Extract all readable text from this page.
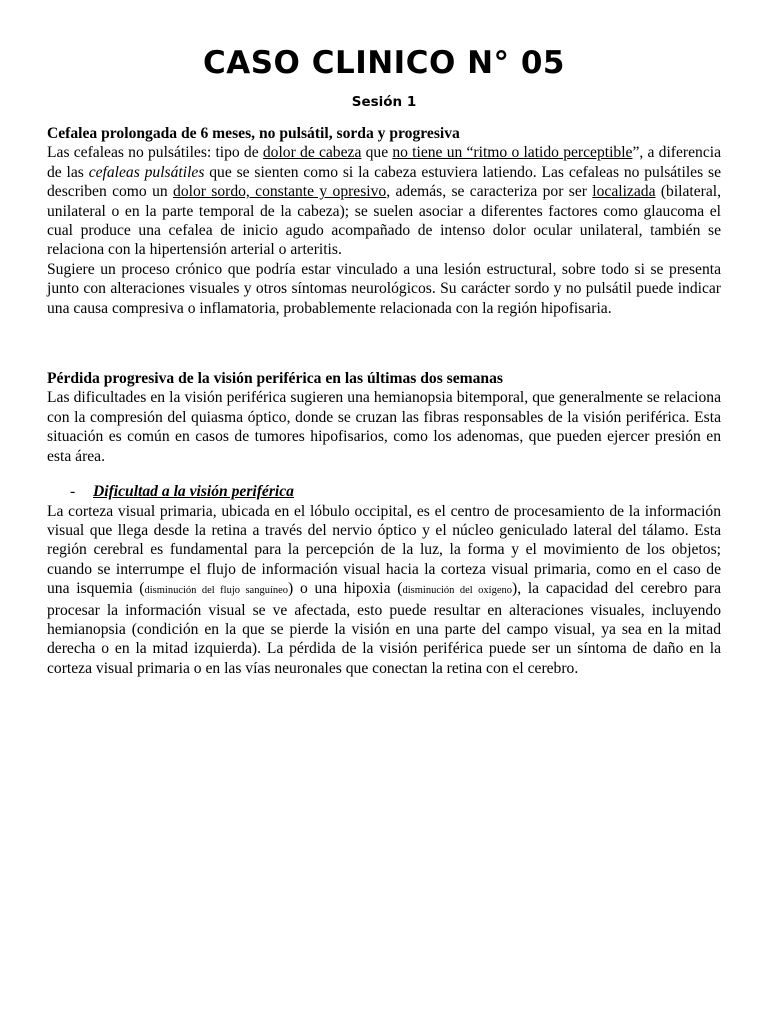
CASO CLINICO N° 05
Sesión 1
Cefalea prolongada de 6 meses, no pulsátil, sorda y progresiva

Las cefaleas no pulsátiles: tipo de dolor de cabeza que no tiene un “ritmo o latido perceptible”, a diferencia de las cefaleas pulsátiles que se sienten como si la cabeza estuviera latiendo. Las cefaleas no pulsátiles se describen como un dolor sordo, constante y opresivo, además, se caracteriza por ser localizada (bilateral, unilateral o en la parte temporal de la cabeza); se suelen asociar a diferentes factores como glaucoma el cual produce una cefalea de inicio agudo acompañado de intenso dolor ocular unilateral, también se relaciona con la hipertensión arterial o arteritis.

Sugiere un proceso crónico que podría estar vinculado a una lesión estructural, sobre todo si se presenta junto con alteraciones visuales y otros síntomas neurológicos. Su carácter sordo y no pulsátil puede indicar una causa compresiva o inflamatoria, probablemente relacionada con la región hipofisaria.

Pérdida progresiva de la visión periférica en las últimas dos semanas

Las dificultades en la visión periférica sugieren una hemianopsia bitemporal, que generalmente se relaciona con la compresión del quiasma óptico, donde se cruzan las fibras responsables de la visión periférica. Esta situación es común en casos de tumores hipofisarios, como los adenomas, que pueden ejercer presión en esta área.

- Dificultad a la visión periférica

La corteza visual primaria, ubicada en el lóbulo occipital, es el centro de procesamiento de la información visual que llega desde la retina a través del nervio óptico y el núcleo geniculado lateral del tálamo. Esta región cerebral es fundamental para la percepción de la luz, la forma y el movimiento de los objetos; cuando se interrumpe el flujo de información visual hacia la corteza visual primaria, como en el caso de una isquemia (disminución del flujo sanguíneo) o una hipoxia (disminución del oxígeno), la capacidad del cerebro para procesar la información visual se ve afectada, esto puede resultar en alteraciones visuales, incluyendo hemianopsia (condición en la que se pierde la visión en una parte del campo visual, ya sea en la mitad derecha o en la mitad izquierda). La pérdida de la visión periférica puede ser un síntoma de daño en la corteza visual primaria o en las vías neuronales que conectan la retina con el cerebro.
